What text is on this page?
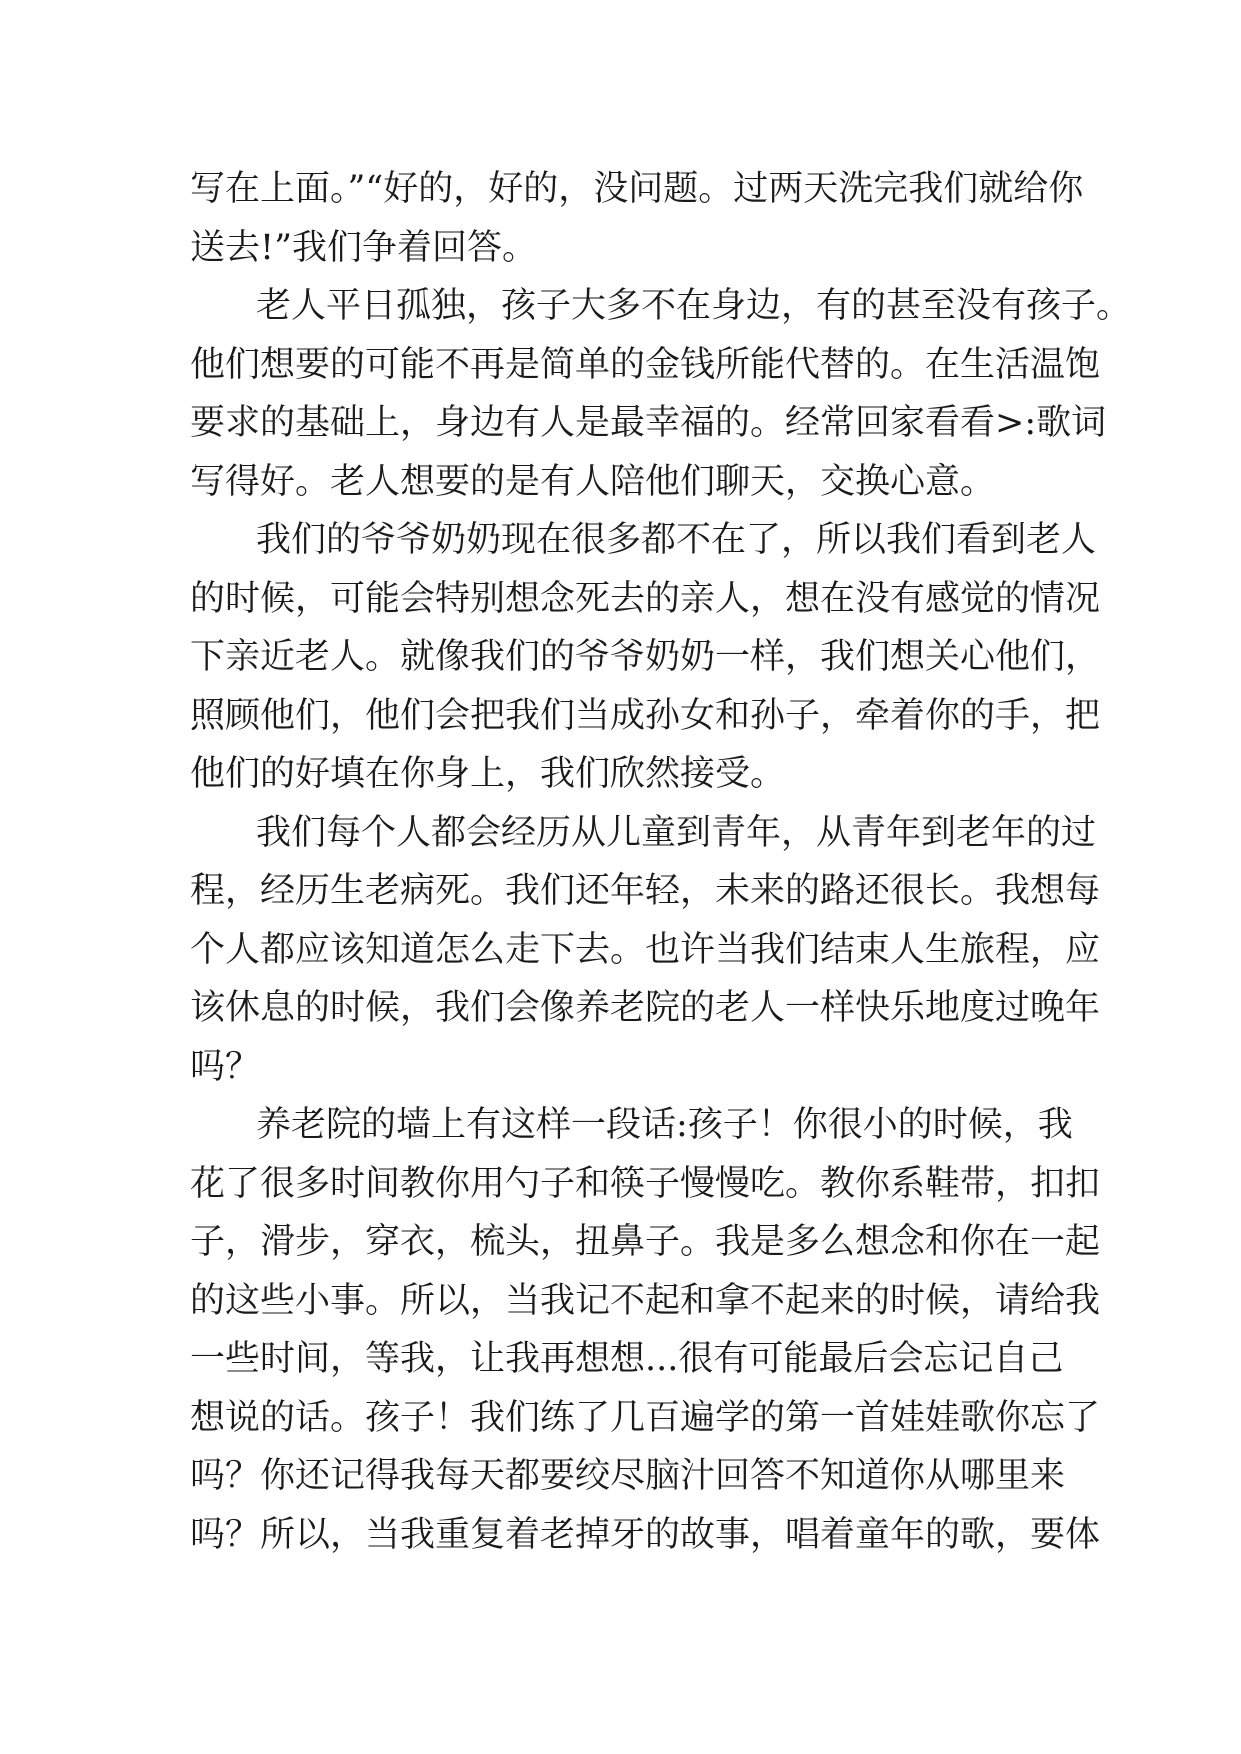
写在上面。”“好的，好的，没问题。过两天洗完我们就给你
送去!”我们争着回答。
老人平日孤独，孩子大多不在身边，有的甚至没有孩子。
他们想要的可能不再是简单的金钱所能代替的。在生活温饱
要求的基础上，身边有人是最幸福的。经常回家看看>:歌词
写得好。老人想要的是有人陪他们聊天，交换心意。
我们的爷爷奶奶现在很多都不在了，所以我们看到老人
的时候，可能会特别想念死去的亲人，想在没有感觉的情况
下亲近老人。就像我们的爷爷奶奶一样，我们想关心他们，
照顾他们，他们会把我们当成孙女和孙子，牵着你的手，把
他们的好填在你身上，我们欣然接受。
我们每个人都会经历从儿童到青年，从青年到老年的过
程，经历生老病死。我们还年轻，未来的路还很长。我想每
个人都应该知道怎么走下去。也许当我们结束人生旅程，应
该休息的时候，我们会像养老院的老人一样快乐地度过晚年
吗？
养老院的墙上有这样一段话:孩子！你很小的时候，我
花了很多时间教你用勺子和筷子慢慢吃。教你系鞋带，扣扣
子，滑步，穿衣，梳头，扭鼻子。我是多么想念和你在一起
的这些小事。所以，当我记不起和拿不起来的时候，请给我
一些时间，等我，让我再想想...很有可能最后会忘记自己
想说的话。孩子！我们练了几百遍学的第一首娃娃歌你忘了
吗？你还记得我每天都要绞尽脑汁回答不知道你从哪里来
吗？所以，当我重复着老掉牙的故事，唱着童年的歌，要体
